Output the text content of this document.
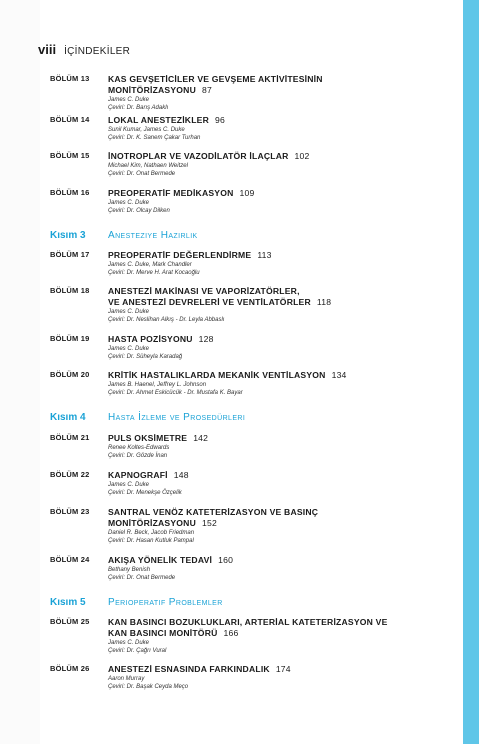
viii İÇİNDEKİLER
BÖLÜM 13	KAS GEVŞETİCİLER VE GEVŞEME AKTİVİTESİNİN MONİTÖRİZASYONU 87
James C. Duke
Çeviri: Dr. Barış Adaklı
BÖLÜM 14	LOKAL ANESTEZİKLER 96
Sunil Kumar, James C. Duke
Çeviri: Dr. K. Sanem Çakar Turhan
BÖLÜM 15	İNOTROPLAR VE VAZODİLATÖR İLAÇLAR 102
Michael Kim, Nathaen Weitzel
Çeviri: Dr. Onat Bermede
BÖLÜM 16	PREOPERATİF MEDİKASYON 109
James C. Duke
Çeviri: Dr. Olcay Dilken
Kısım 3	Anesteziye Hazırlık
BÖLÜM 17	PREOPERATİF DEĞERLENDİRME 113
James C. Duke, Mark Chandler
Çeviri: Dr. Merve H. Arat Kocaoğlu
BÖLÜM 18	ANESTEZİ MAKİNASI VE VAPORİZATÖRLER,
VE ANESTEZİ DEVRELERİ VE VENTİLATÖRLER 118
James C. Duke
Çeviri: Dr. Neslihan Alkış - Dr. Leyla Abbaslı
BÖLÜM 19	HASTA POZİSYONU 128
James C. Duke
Çeviri: Dr. Süheyla Karadağ
BÖLÜM 20	KRİTİK HASTALIKLARDA MEKANİK VENTİLASYON 134
James B. Haenel, Jeffrey L. Johnson
Çeviri: Dr. Ahmet Eskicücük - Dr. Mustafa K. Bayar
Kısım 4	Hasta İzleme ve Prosedürleri
BÖLÜM 21	PULS OKSİMETRE 142
Renee Koltes-Edwards
Çeviri: Dr. Gözde İnan
BÖLÜM 22	KAPNOGRAFİ 148
James C. Duke
Çeviri: Dr. Menekşe Özçelik
BÖLÜM 23	SANTRAL VENÖZ KATETERİZASYON VE BASINÇ
MONİTÖRİZASYONU 152
Daniel R. Beck, Jacob Friedman
Çeviri: Dr. Hasan Kutluk Pampal
BÖLÜM 24	AKIŞA YÖNELİK TEDAVİ 160
Bethany Benish
Çeviri: Dr. Onat Bermede
Kısım 5	Perioperatif Problemler
BÖLÜM 25	KAN BASINCI BOZUKLUKLARI, ARTERİAL KATETERİZASYON VE
KAN BASINCI MONİTÖRÜ 166
James C. Duke
Çeviri: Dr. Çağrı Vural
BÖLÜM 26	ANESTEZİ ESNASINDA FARKINDALIK 174
Aaron Murray
Çeviri: Dr. Başak Ceyda Meço
